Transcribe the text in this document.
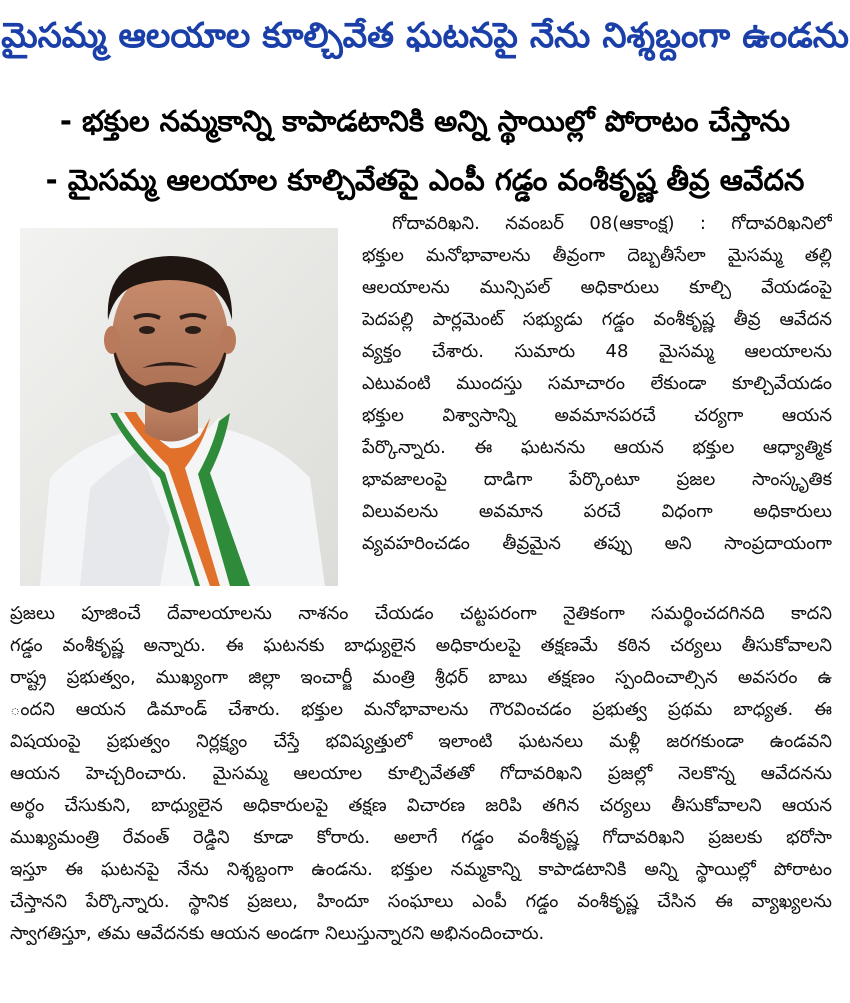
మైసమ్మ ఆలయాల కూల్చివేత ఘటనపై నేను నిశ్శబ్దంగా ఉండను
- భక్తుల నమ్మకాన్ని కాపాడటానికి అన్ని స్థాయిల్లో పోరాటం చేస్తాను
- మైసమ్మ ఆలయాల కూల్చివేతపై ఎంపీ గడ్డం వంశీకృష్ణ తీవ్ర ఆవేదన
గోదావరిఖని. నవంబర్ 08(ఆకాంక్ష) : గోదావరిఖనిలో
భక్తుల మనోభావాలను తీవ్రంగా దెబ్బతీసేలా మైసమ్మ తల్లి
ఆలయాలను మున్సిపల్ అధికారులు కూల్చి వేయడంపై
పెదపల్లి పార్లమెంట్ సభ్యుడు గడ్డం వంశీకృష్ణ తీవ్ర ఆవేదన
వ్యక్తం చేశారు. సుమారు 48 మైసమ్మ ఆలయాలను
ఎటువంటి ముందస్తు సమాచారం లేకుండా కూల్చివేయడం
భక్తుల విశ్వాసాన్ని అవమానపరచే చర్యగా ఆయన
పేర్కొన్నారు. ఈ ఘటనను ఆయన భక్తుల ఆధ్యాత్మిక
భావజాలంపై దాడిగా పేర్కొంటూ ప్రజల సాంస్కృతిక
విలువలను అవమాన పరచే విధంగా అధికారులు
వ్యవహరించడం తీవ్రమైన తప్పు అని సాంప్రదాయంగా
ప్రజలు పూజించే దేవాలయాలను నాశనం చేయడం చట్టపరంగా నైతికంగా సమర్థించదగినది కాదని
గడ్డం వంశీకృష్ణ అన్నారు. ఈ ఘటనకు బాధ్యులైన అధికారులపై తక్షణమే కఠిన చర్యలు తీసుకోవాలని
రాష్ట్ర ప్రభుత్వం, ముఖ్యంగా జిల్లా ఇంచార్జీ మంత్రి శ్రీధర్ బాబు తక్షణం స్పందించాల్సిన అవసరం ఉ
ందని ఆయన డిమాండ్ చేశారు. భక్తుల మనోభావాలను గౌరవించడం ప్రభుత్వ ప్రథమ బాధ్యత. ఈ
విషయంపై ప్రభుత్వం నిర్లక్ష్యం చేస్తే భవిష్యత్తులో ఇలాంటి ఘటనలు మళ్లీ జరగకుండా ఉండవని
ఆయన హెచ్చరించారు. మైసమ్మ ఆలయాల కూల్చివేతతో గోదావరిఖని ప్రజల్లో నెలకొన్న ఆవేదనను
అర్థం చేసుకుని, బాధ్యులైన అధికారులపై తక్షణ విచారణ జరిపి తగిన చర్యలు తీసుకోవాలని ఆయన
ముఖ్యమంత్రి రేవంత్ రెడ్డిని కూడా కోరారు. అలాగే గడ్డం వంశీకృష్ణ గోదావరిఖని ప్రజలకు భరోసా
ఇస్తూ ఈ ఘటనపై నేను నిశ్శబ్దంగా ఉండను. భక్తుల నమ్మకాన్ని కాపాడటానికి అన్ని స్థాయిల్లో పోరాటం
చేస్తానని పేర్కొన్నారు. స్థానిక ప్రజలు, హిందూ సంఘాలు ఎంపీ గడ్డం వంశీకృష్ణ చేసిన ఈ వ్యాఖ్యలను
స్వాగతిస్తూ, తమ ఆవేదనకు ఆయన అండగా నిలుస్తున్నారని అభినందించారు.
